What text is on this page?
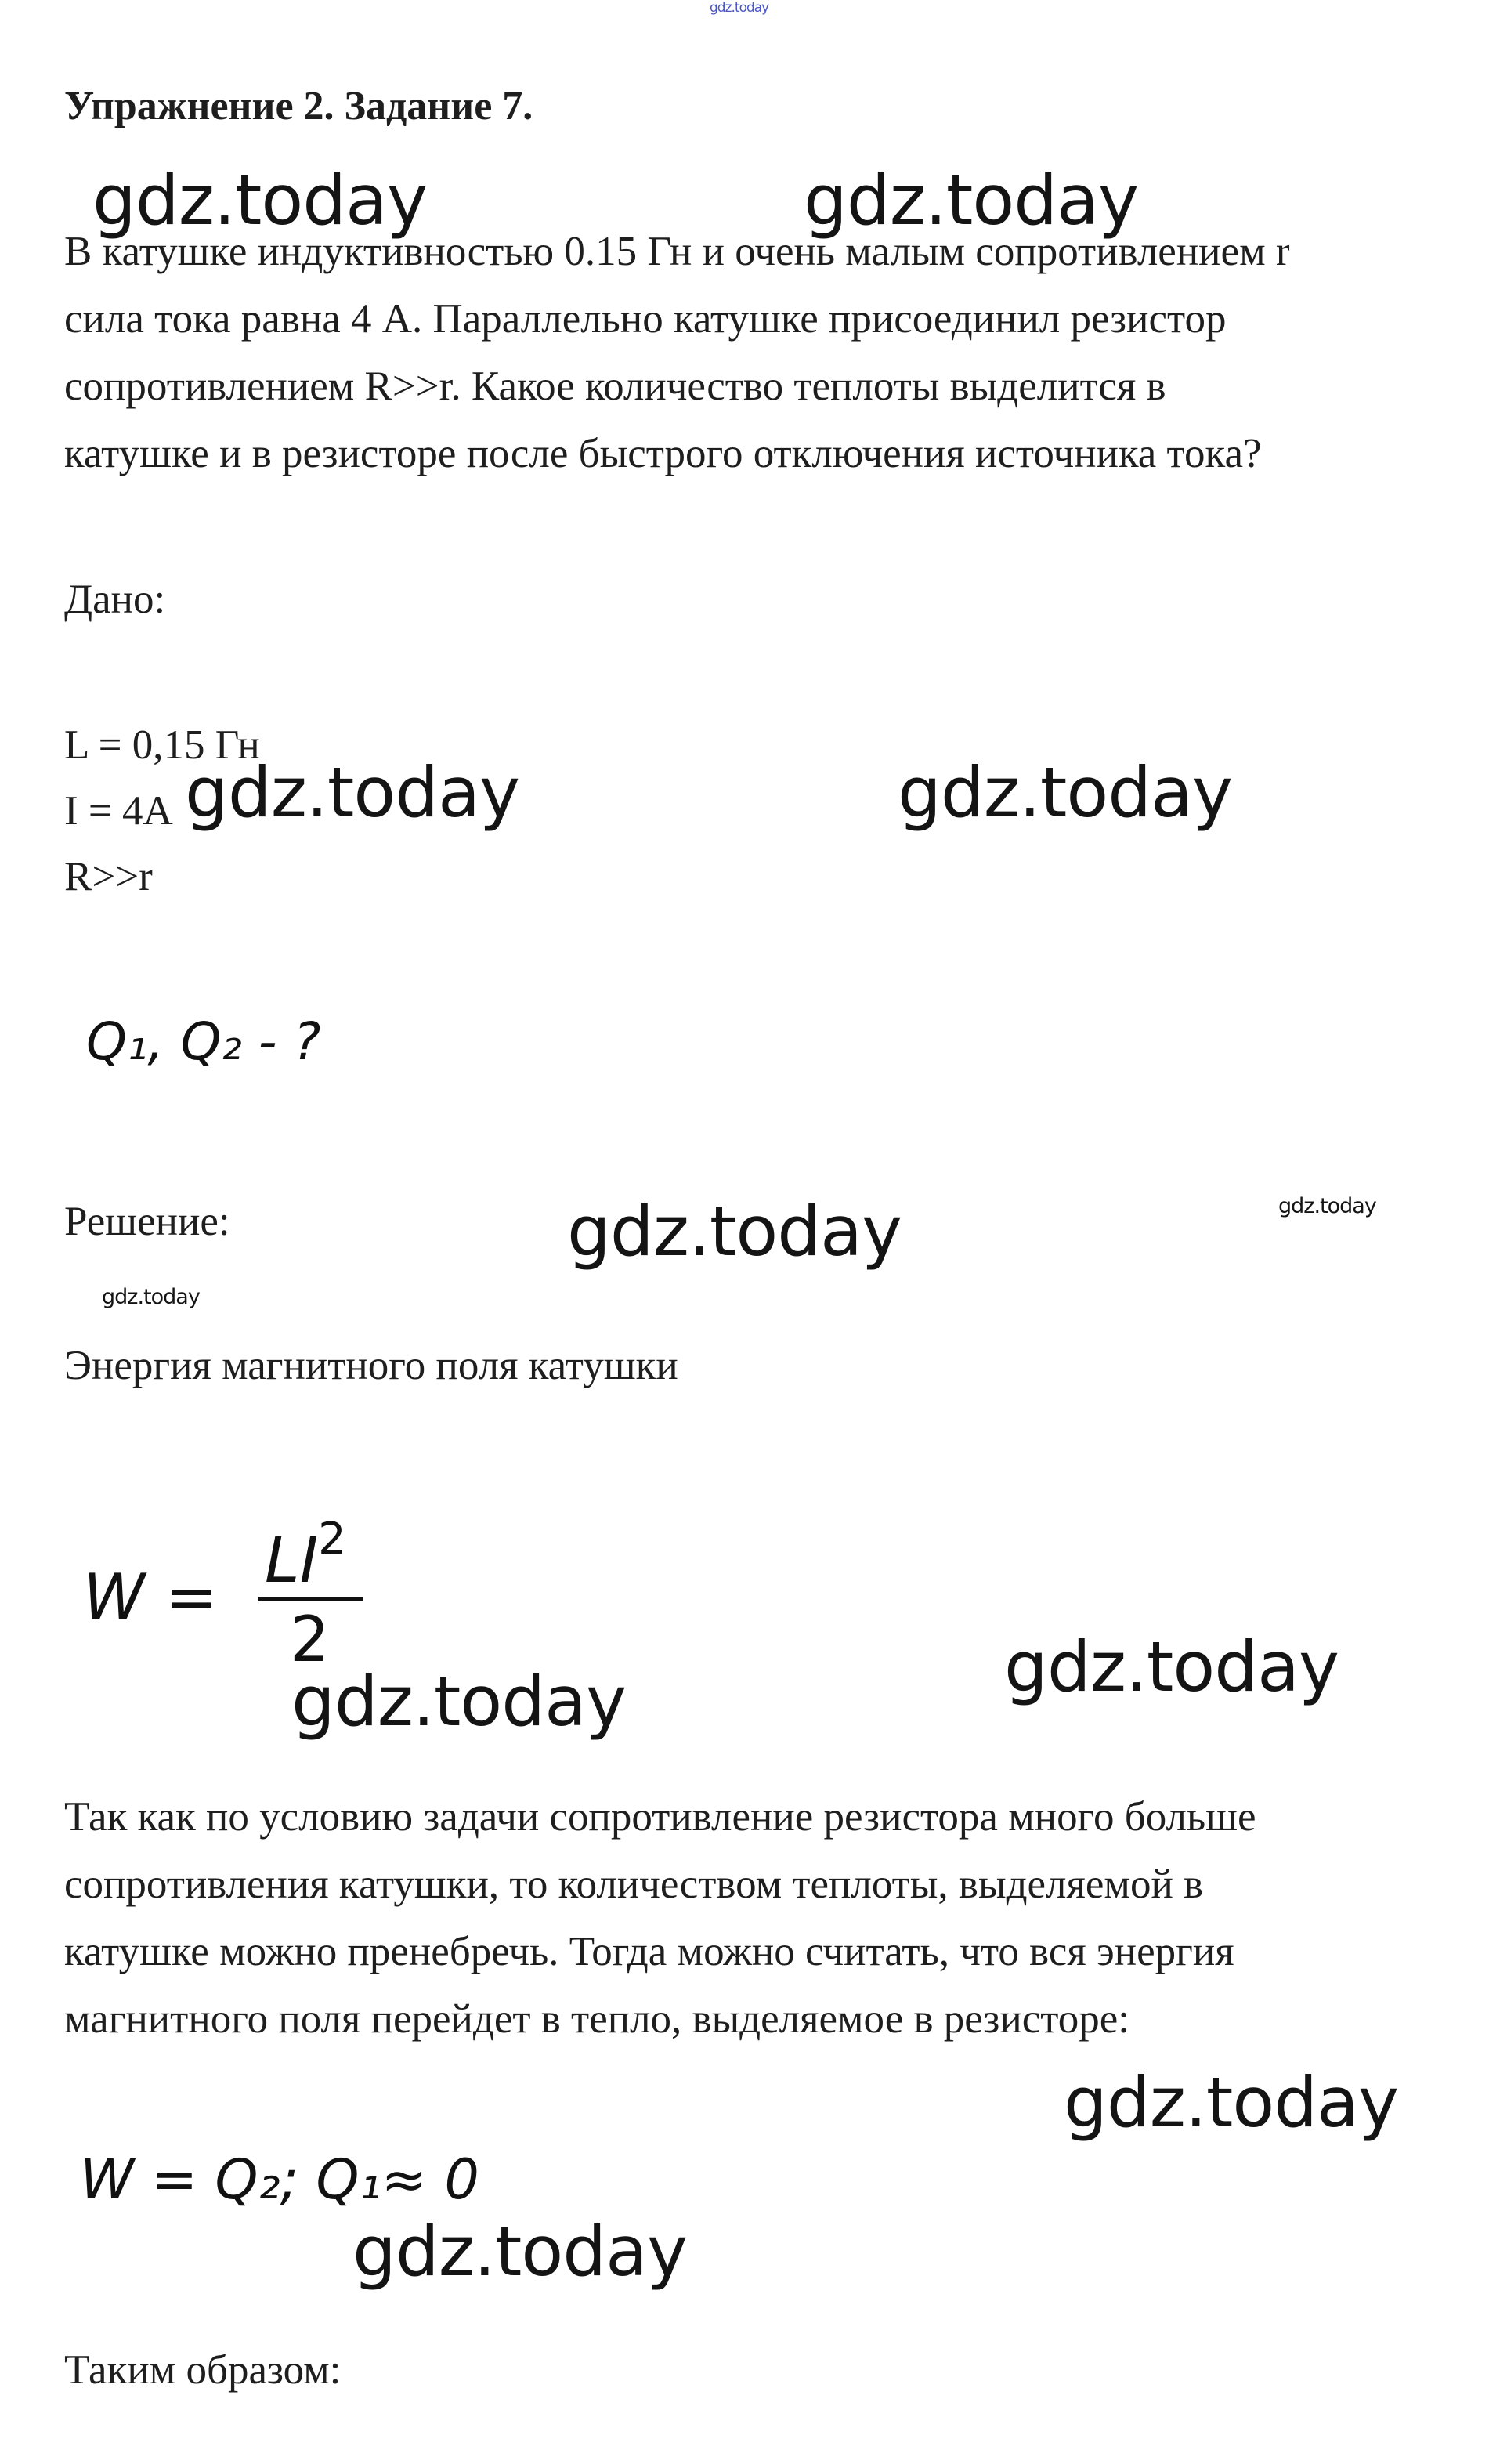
gdz.today
Упражнение 2. Задание 7.
gdz.today	gdz.today

В катушке индуктивностью 0.15 Гн и очень малым сопротивлением r

сила тока равна 4 А. Параллельно катушке присоединил резистор

сопротивлением R>>r. Какое количество теплоты выделится в

катушке и в резисторе после быстрого отключения источника тока?

Дано:

L = 0,15 Гн

I = 4A

R>>r

gdz.today	gdz.today

Q₁, Q₂ - ?

Решение:	gdz.today	gdz.today
gdz.today

Энергия магнитного поля катушки

W =
$LI^2$
2
gdz.today	gdz.today

Так как по условию задачи сопротивление резистора много больше

сопротивления катушки, то количеством теплоты, выделяемой в

катушке можно пренебречь. Тогда можно считать, что вся энергия

магнитного поля перейдет в тепло, выделяемое в резисторе:

gdz.today

W = Q₂; Q₁≈ 0

gdz.today

Таким образом:
